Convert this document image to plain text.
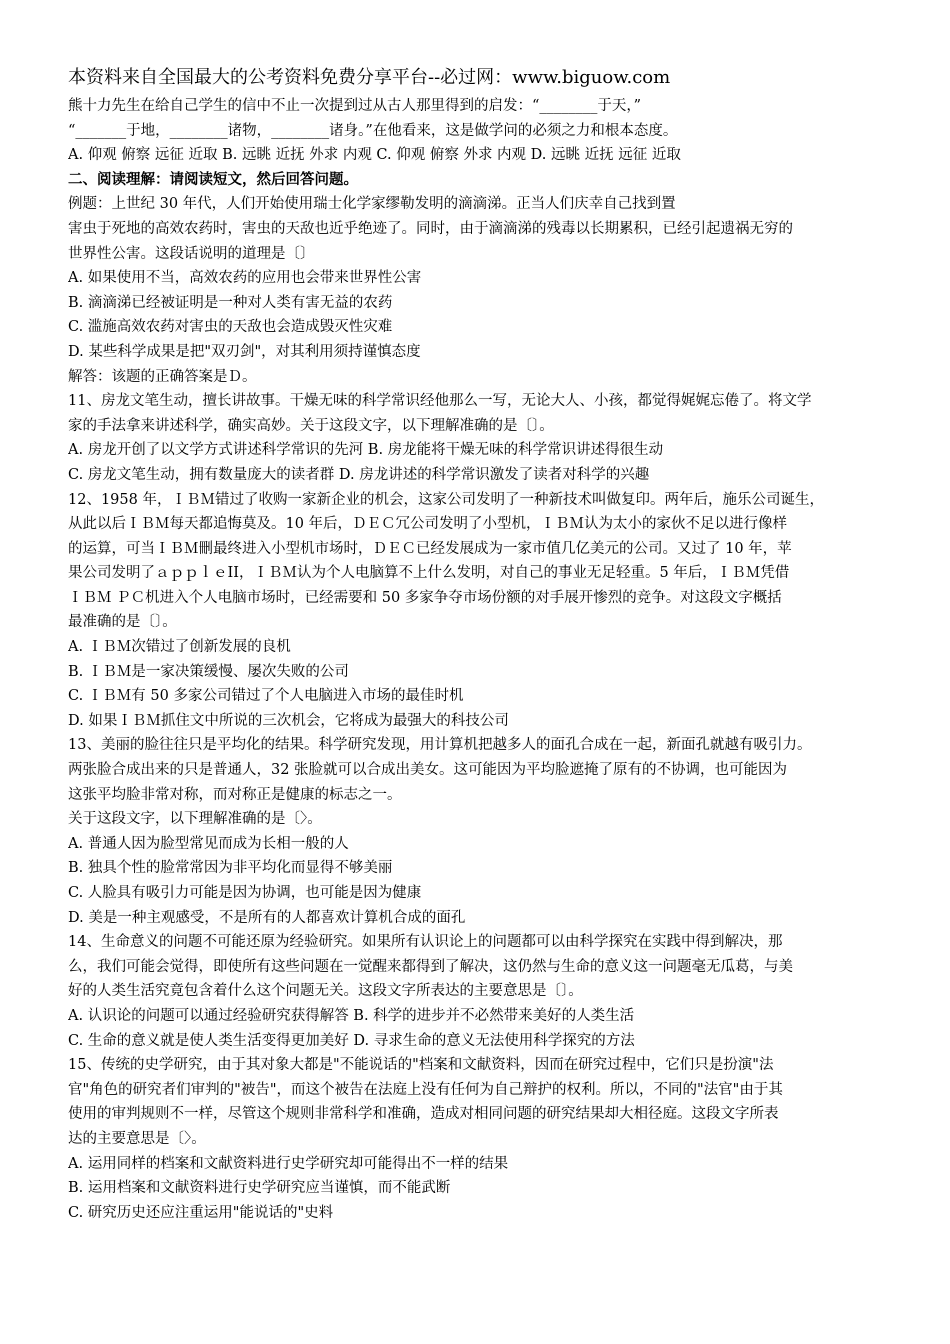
本资料来自全国最大的公考资料免费分享平台--必过网：www.biguow.com
熊十力先生在给自己学生的信中不止一次提到过从古人那里得到的启发：“________于天，”
“_______于地，________诸物，________诸身。”在他看来，这是做学问的必须之力和根本态度。
A. 仰观 俯察 远征 近取 B. 远眺 近抚 外求 内观 C. 仰观 俯察 外求 内观 D. 远眺 近抚 远征 近取
二、阅读理解：请阅读短文，然后回答问题。
例题：上世纪 30 年代，人们开始使用瑞士化学家缪勒发明的滴滴涕。正当人们庆幸自己找到置
害虫于死地的高效农药时，害虫的天敌也近乎绝迹了。同时，由于滴滴涕的残毒以长期累积，已经引起遗祸无穷的
世界性公害。这段话说明的道理是〔〕
A. 如果使用不当，高效农药的应用也会带来世界性公害
B. 滴滴涕已经被证明是一种对人类有害无益的农药
C. 滥施高效农药对害虫的天敌也会造成毁灭性灾难
D. 某些科学成果是把"双刃剑"，对其利用须持谨慎态度
解答：该题的正确答案是Ｄ。
11、房龙文笔生动，擅长讲故事。干燥无味的科学常识经他那么一写，无论大人、小孩，都觉得娓娓忘倦了。将文学
家的手法拿来讲述科学，确实高妙。关于这段文字，以下理解准确的是〔〕。
A. 房龙开创了以文学方式讲述科学常识的先河 B. 房龙能将干燥无味的科学常识讲述得很生动
C. 房龙文笔生动，拥有数量庞大的读者群 D. 房龙讲述的科学常识激发了读者对科学的兴趣
12、1958 年，ＩＢＭ错过了收购一家新企业的机会，这家公司发明了一种新技术叫做复印。两年后，施乐公司诞生，
从此以后ＩＢＭ每天都追悔莫及。10 年后，ＤＥＣ冗公司发明了小型机，ＩＢＭ认为太小的家伙不足以进行像样
的运算，可当ＩＢＭ刪最终进入小型机市场时，ＤＥＣ已经发展成为一家市值几亿美元的公司。又过了 10 年，苹
果公司发明了ａｐｐｌｅII，ＩＢＭ认为个人电脑算不上什么发明，对自己的事业无足轻重。5 年后，ＩＢＭ凭借
ＩＢＭ ＰＣ机进入个人电脑市场时，已经需要和 50 多家争夺市场份额的对手展开惨烈的竞争。对这段文字概括
最准确的是〔〕。
A. ＩＢＭ次错过了创新发展的良机
B. ＩＢＭ是一家决策缓慢、屡次失败的公司
C. ＩＢＭ有 50 多家公司错过了个人电脑进入市场的最佳时机
D. 如果ＩＢＭ抓住文中所说的三次机会，它将成为最强大的科技公司
13、美丽的脸往往只是平均化的结果。科学研究发现，用计算机把越多人的面孔合成在一起，新面孔就越有吸引力。
两张脸合成出来的只是普通人，32 张脸就可以合成出美女。这可能因为平均脸遮掩了原有的不协调，也可能因为
这张平均脸非常对称，而对称正是健康的标志之一。
关于这段文字，以下理解准确的是〔〉。
A. 普通人因为脸型常见而成为长相一般的人
B. 独具个性的脸常常因为非平均化而显得不够美丽
C. 人脸具有吸引力可能是因为协调，也可能是因为健康
D. 美是一种主观感受，不是所有的人都喜欢计算机合成的面孔
14、生命意义的问题不可能还原为经验研究。如果所有认识论上的问题都可以由科学探究在实践中得到解决，那
么，我们可能会觉得，即使所有这些问题在一觉醒来都得到了解决，这仍然与生命的意义这一问题毫无瓜葛，与美
好的人类生活究竟包含着什么这个问题无关。这段文字所表达的主要意思是〔〕。
A. 认识论的问题可以通过经验研究获得解答 B. 科学的进步并不必然带来美好的人类生活
C. 生命的意义就是使人类生活变得更加美好 D. 寻求生命的意义无法使用科学探究的方法
15、传统的史学研究，由于其对象大都是"不能说话的"档案和文献资料，因而在研究过程中，它们只是扮演"法
官"角色的研究者们审判的"被告"，而这个被告在法庭上没有任何为自己辩护的权利。所以，不同的"法官"由于其
使用的审判规则不一样，尽管这个规则非常科学和准确，造成对相同问题的研究结果却大相径庭。这段文字所表
达的主要意思是〔〉。
A. 运用同样的档案和文献资料进行史学研究却可能得出不一样的结果
B. 运用档案和文献资料进行史学研究应当谨慎，而不能武断
C. 研究历史还应注重运用"能说话的"史料
